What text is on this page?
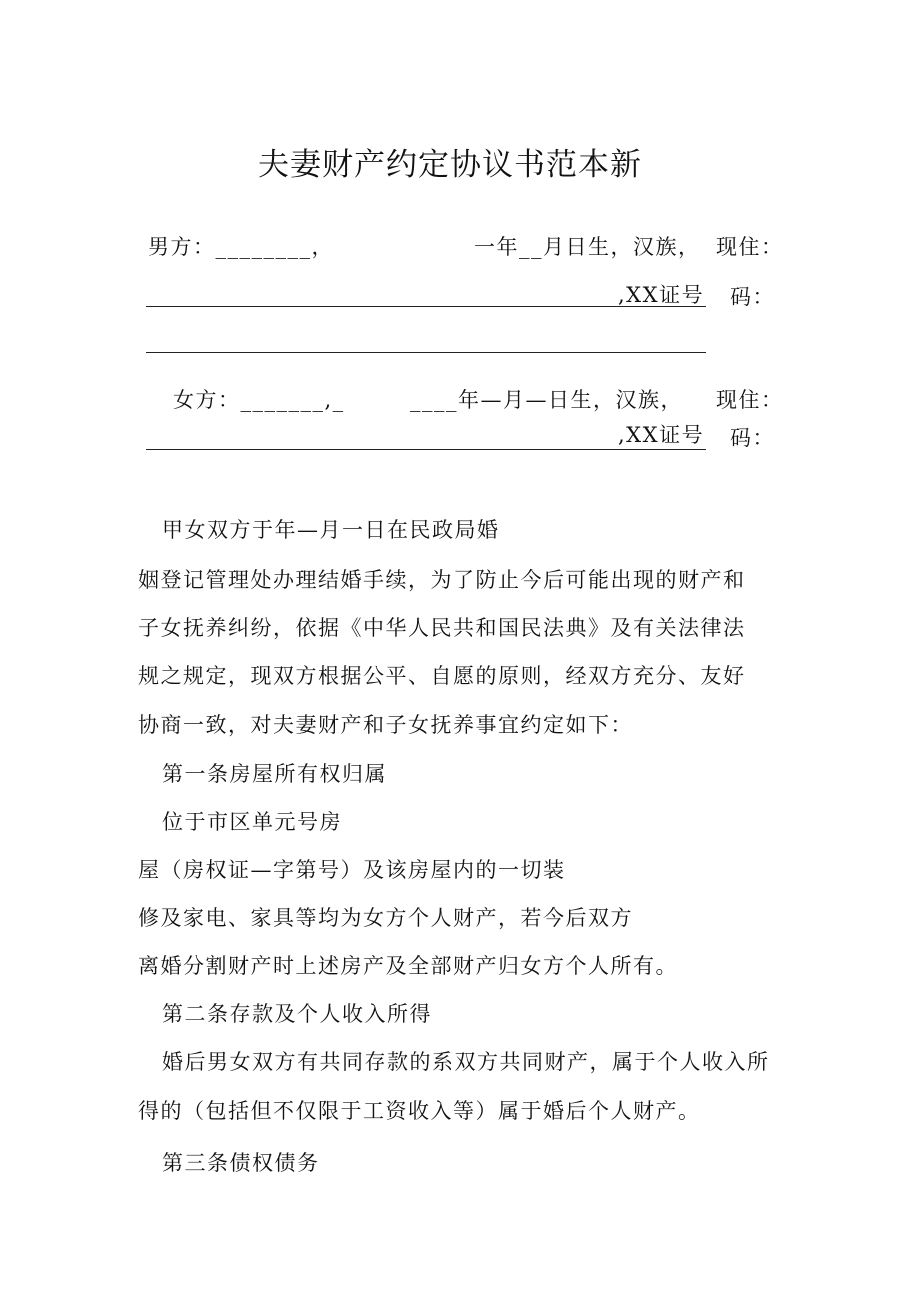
夫妻财产约定协议书范本新
男方：________，	一年__月日生，汉族， 现住：
,XX证号 码：
女方：_______,_	____年—月—日生，汉族， 现住：
,XX证号 码：
甲女双方于年—月一日在民政局婚
姻登记管理处办理结婚手续，为了防止今后可能出现的财产和
子女抚养纠纷，依据《中华人民共和国民法典》及有关法律法
规之规定，现双方根据公平、自愿的原则，经双方充分、友好
协商一致，对夫妻财产和子女抚养事宜约定如下：
第一条房屋所有权归属
位于市区单元号房
屋（房权证—字第号）及该房屋内的一切装
修及家电、家具等均为女方个人财产，若今后双方
离婚分割财产时上述房产及全部财产归女方个人所有。
第二条存款及个人收入所得
婚后男女双方有共同存款的系双方共同财产，属于个人收入所
得的（包括但不仅限于工资收入等）属于婚后个人财产。
第三条债权债务
